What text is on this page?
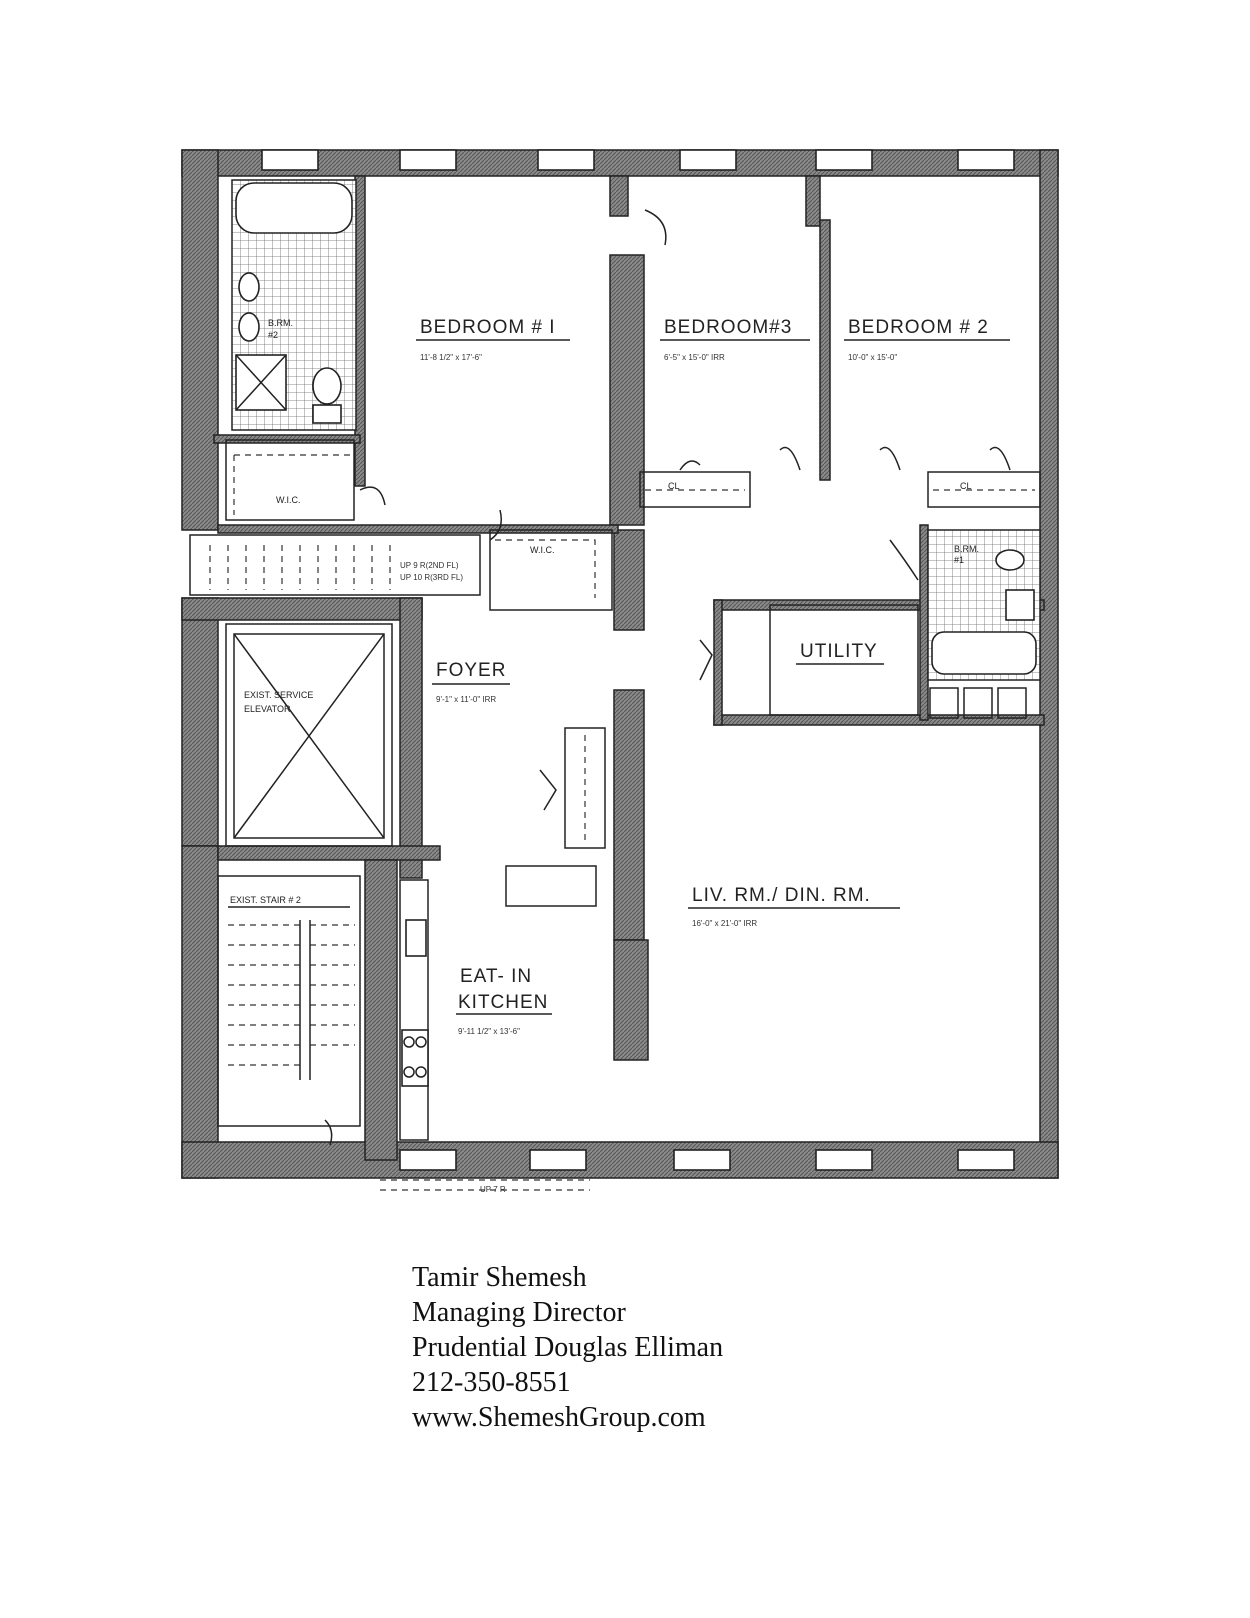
B.RM.
#2
W.I.C.
UP 9 R(2ND FL)
UP 10 R(3RD FL)
W.I.C.
CL	CL
B.RM.
#1
UP 7 R
BEDROOM # I
11'-8 1/2" x 17'-6"
BEDROOM#3
6'-5" x 15'-0" IRR
BEDROOM # 2
10'-0" x 15'-0"
UTILITY
FOYER
9'-1" x 11'-0" IRR
EXIST. SERVICE
ELEVATOR
EXIST. STAIR # 2
EAT- IN
KITCHEN
9'-11 1/2" x 13'-6"
LIV. RM./ DIN. RM.
16'-0" x 21'-0" IRR
Tamir Shemesh
Managing Director
Prudential Douglas Elliman
212-350-8551
www.ShemeshGroup.com
